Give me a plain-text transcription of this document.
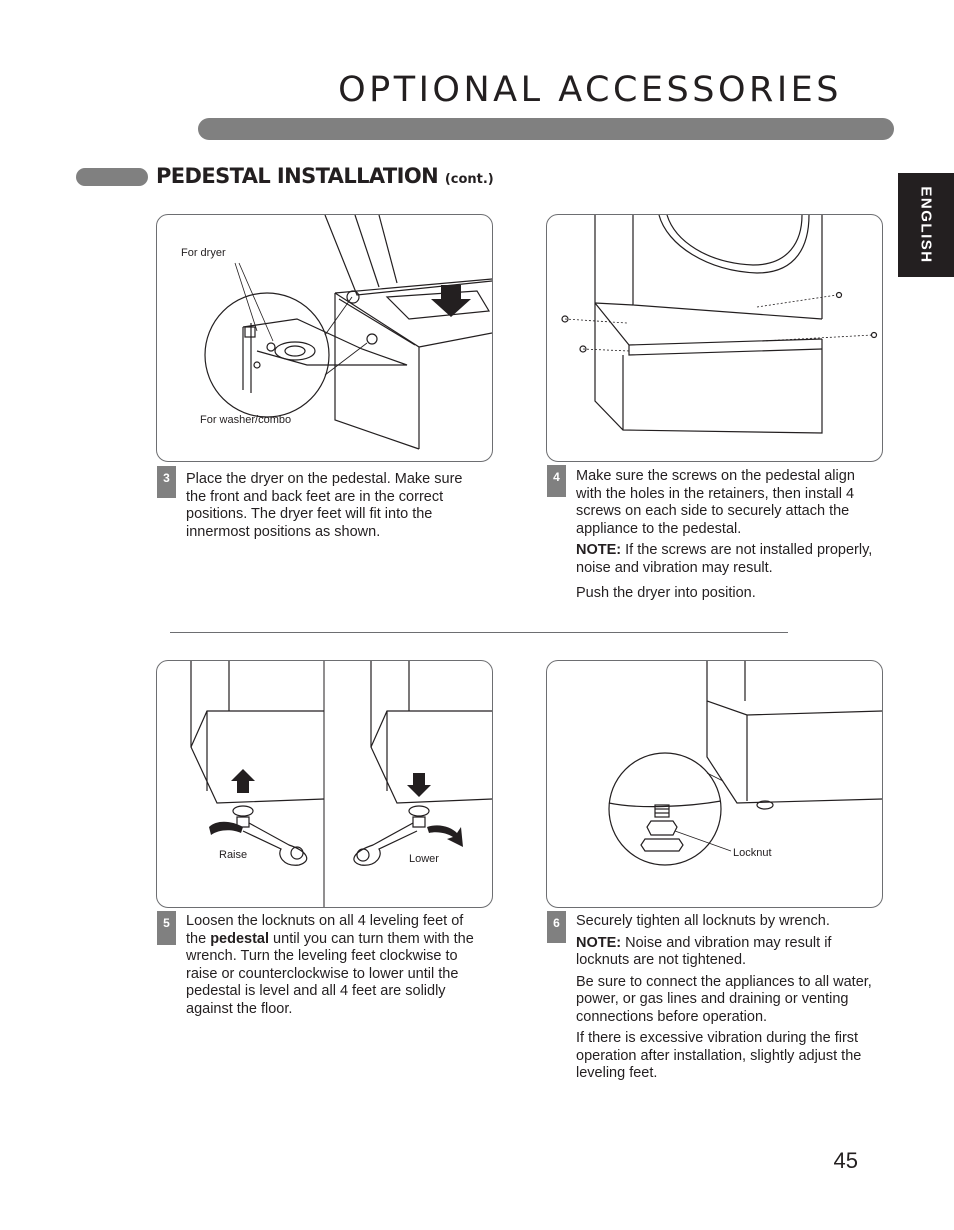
OPTIONAL ACCESSORIES
ENGLISH
PEDESTAL INSTALLATION (cont.)
For dryer
For washer/combo
3	Place the dryer on the pedestal. Make sure the front and back feet are in the correct positions. The dryer feet will fit into the innermost positions as shown.

4	Make sure the screws on the pedestal align with the holes in the retainers, then install 4 screws on each side to securely attach the appliance to the pedestal.

NOTE: If the screws are not installed properly, noise and vibration may result.

Push the dryer into position.

Raise	Lower
5	Loosen the locknuts on all 4 leveling feet of the pedestal until you can turn them with the wrench. Turn the leveling feet clockwise to raise or counterclockwise to lower until the pedestal is level and all 4 feet are solidly against the floor.

Locknut
6	Securely tighten all locknuts by wrench.

NOTE: Noise and vibration may result if locknuts are not tightened.

Be sure to connect the appliances to all water, power, or gas lines and draining or venting connections before operation.

If there is excessive vibration during the first operation after installation, slightly adjust the leveling feet.

45
